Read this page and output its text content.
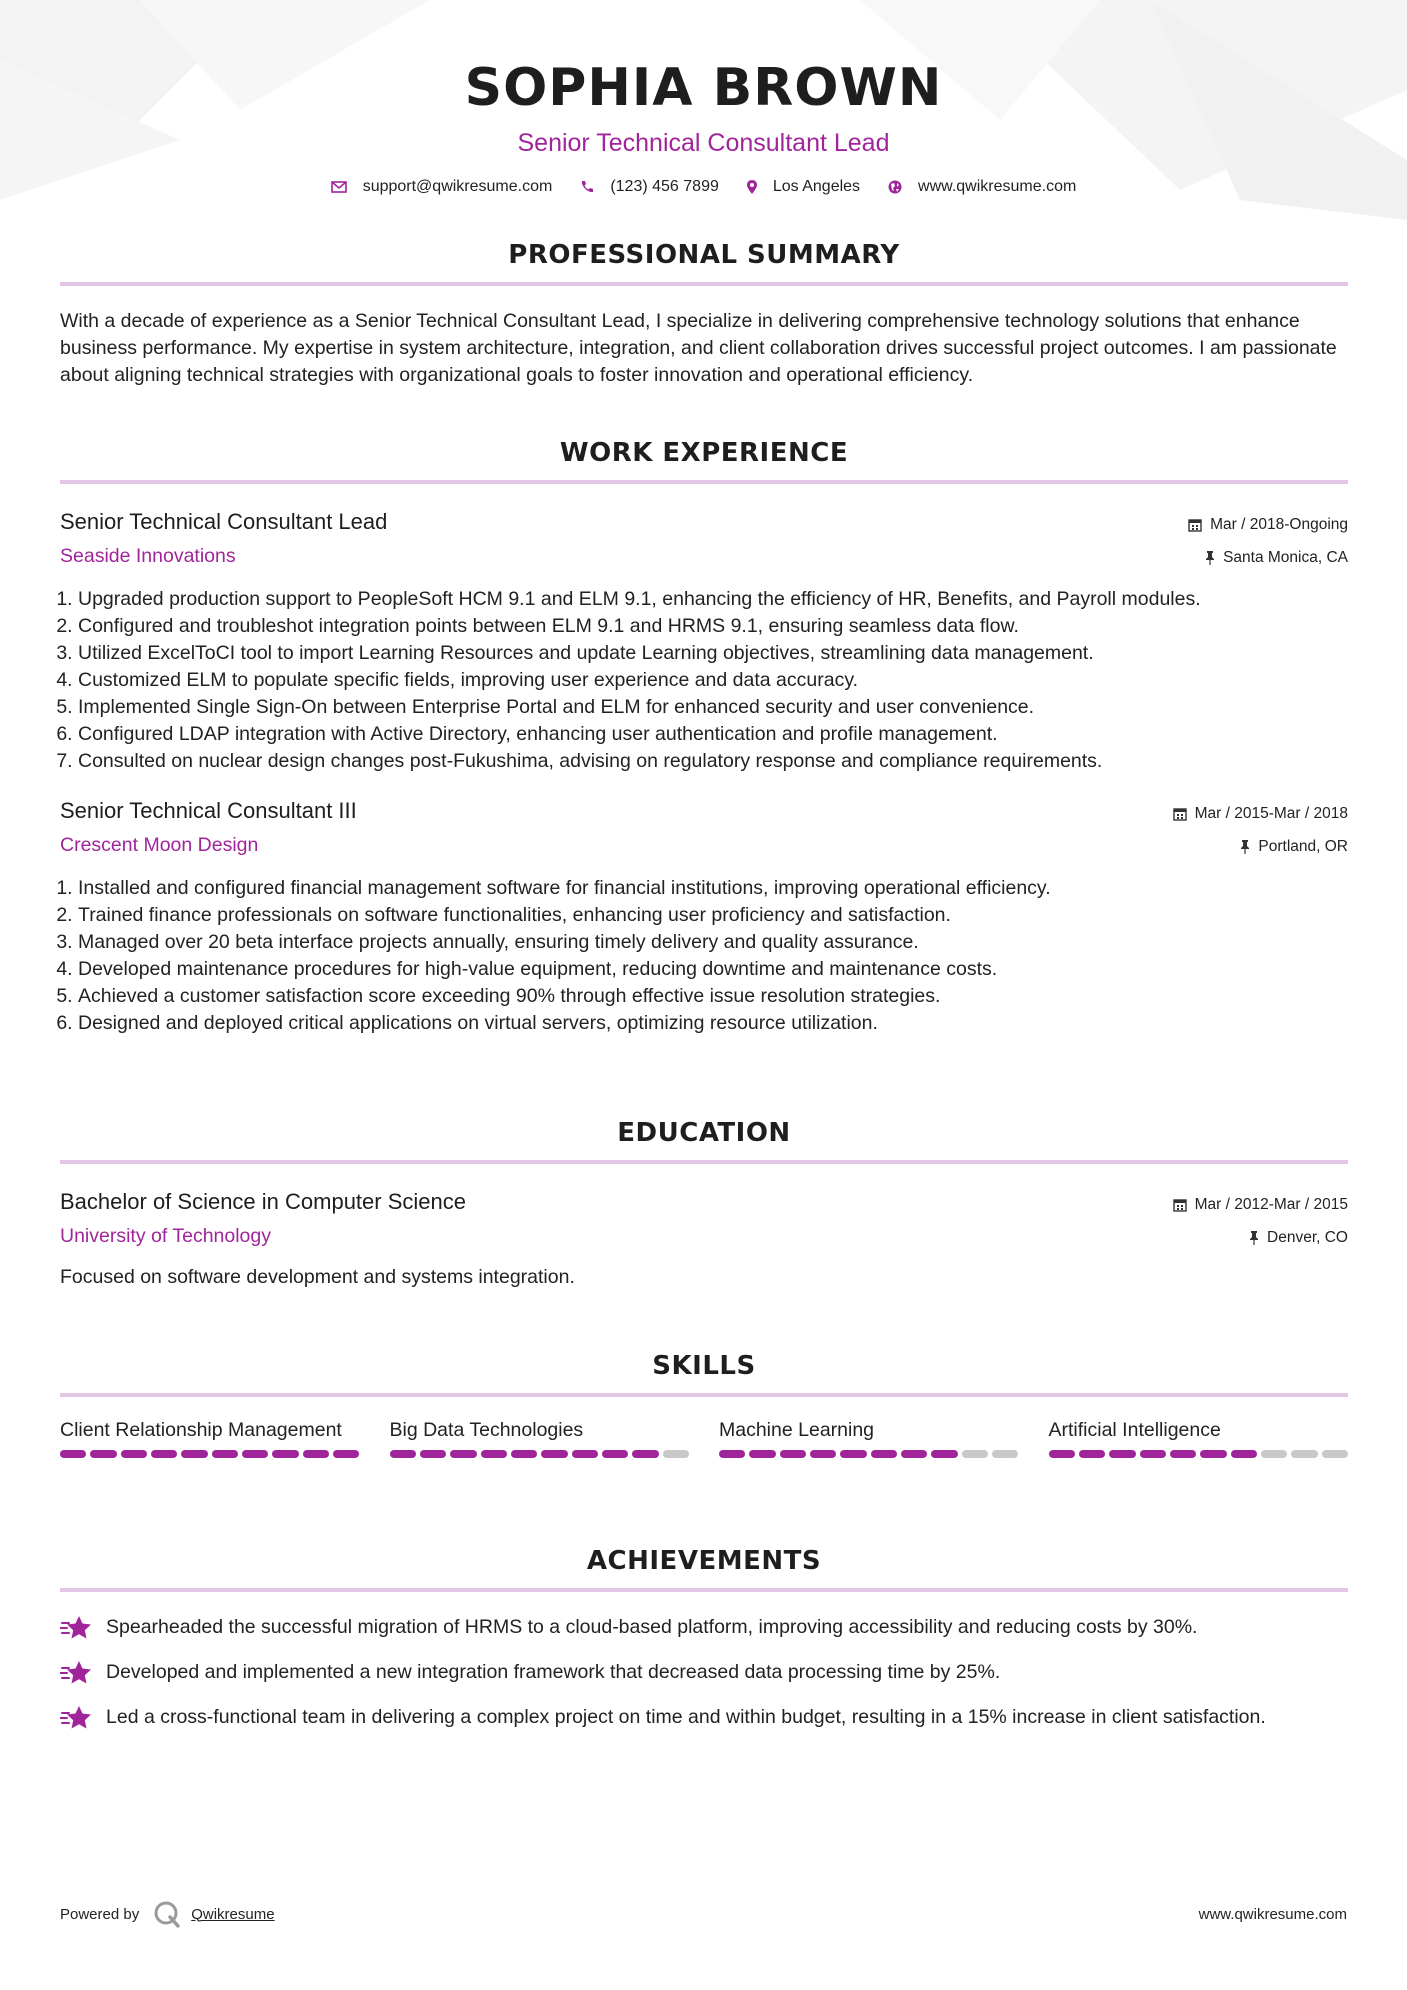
SOPHIA BROWN
Senior Technical Consultant Lead
support@qwikresume.com	(123) 456 7899	Los Angeles	www.qwikresume.com
PROFESSIONAL SUMMARY

With a decade of experience as a Senior Technical Consultant Lead, I specialize in delivering comprehensive technology solutions that enhance business performance. My expertise in system architecture, integration, and client collaboration drives successful project outcomes. I am passionate about aligning technical strategies with organizational goals to foster innovation and operational efficiency.

WORK EXPERIENCE
Senior Technical Consultant Lead
Seaside Innovations
Mar / 2018-Ongoing
Santa Monica, CA
1. Upgraded production support to PeopleSoft HCM 9.1 and ELM 9.1, enhancing the efficiency of HR, Benefits, and Payroll modules.
2. Configured and troubleshot integration points between ELM 9.1 and HRMS 9.1, ensuring seamless data flow.
3. Utilized ExcelToCI tool to import Learning Resources and update Learning objectives, streamlining data management.
4. Customized ELM to populate specific fields, improving user experience and data accuracy.
5. Implemented Single Sign-On between Enterprise Portal and ELM for enhanced security and user convenience.
6. Configured LDAP integration with Active Directory, enhancing user authentication and profile management.
7. Consulted on nuclear design changes post-Fukushima, advising on regulatory response and compliance requirements.
Senior Technical Consultant III
Crescent Moon Design
Mar / 2015-Mar / 2018
Portland, OR
1. Installed and configured financial management software for financial institutions, improving operational efficiency.
2. Trained finance professionals on software functionalities, enhancing user proficiency and satisfaction.
3. Managed over 20 beta interface projects annually, ensuring timely delivery and quality assurance.
4. Developed maintenance procedures for high-value equipment, reducing downtime and maintenance costs.
5. Achieved a customer satisfaction score exceeding 90% through effective issue resolution strategies.
6. Designed and deployed critical applications on virtual servers, optimizing resource utilization.
EDUCATION
Bachelor of Science in Computer Science
University of Technology
Mar / 2012-Mar / 2015
Denver, CO

Focused on software development and systems integration.

SKILLS
Client Relationship Management	Big Data Technologies	Machine Learning	Artificial Intelligence
ACHIEVEMENTS
Spearheaded the successful migration of HRMS to a cloud-based platform, improving accessibility and reducing costs by 30%.
Developed and implemented a new integration framework that decreased data processing time by 25%.
Led a cross-functional team in delivering a complex project on time and within budget, resulting in a 15% increase in client satisfaction.
Powered by	Qwikresume	www.qwikresume.com
